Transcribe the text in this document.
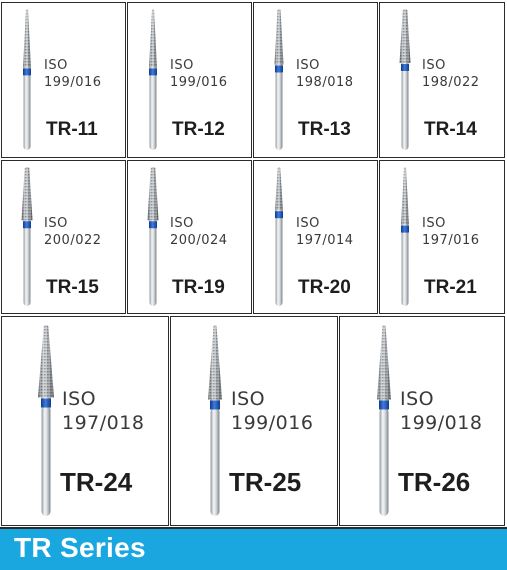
ISO
199/016
TR-11
ISO
199/016
TR-12
ISO
198/018
TR-13
ISO
198/022
TR-14
ISO
200/022
TR-15
ISO
200/024
TR-19
ISO
197/014
TR-20
ISO
197/016
TR-21
ISO
197/018
TR-24
ISO
199/016
TR-25
ISO
199/018
TR-26
TR Series
